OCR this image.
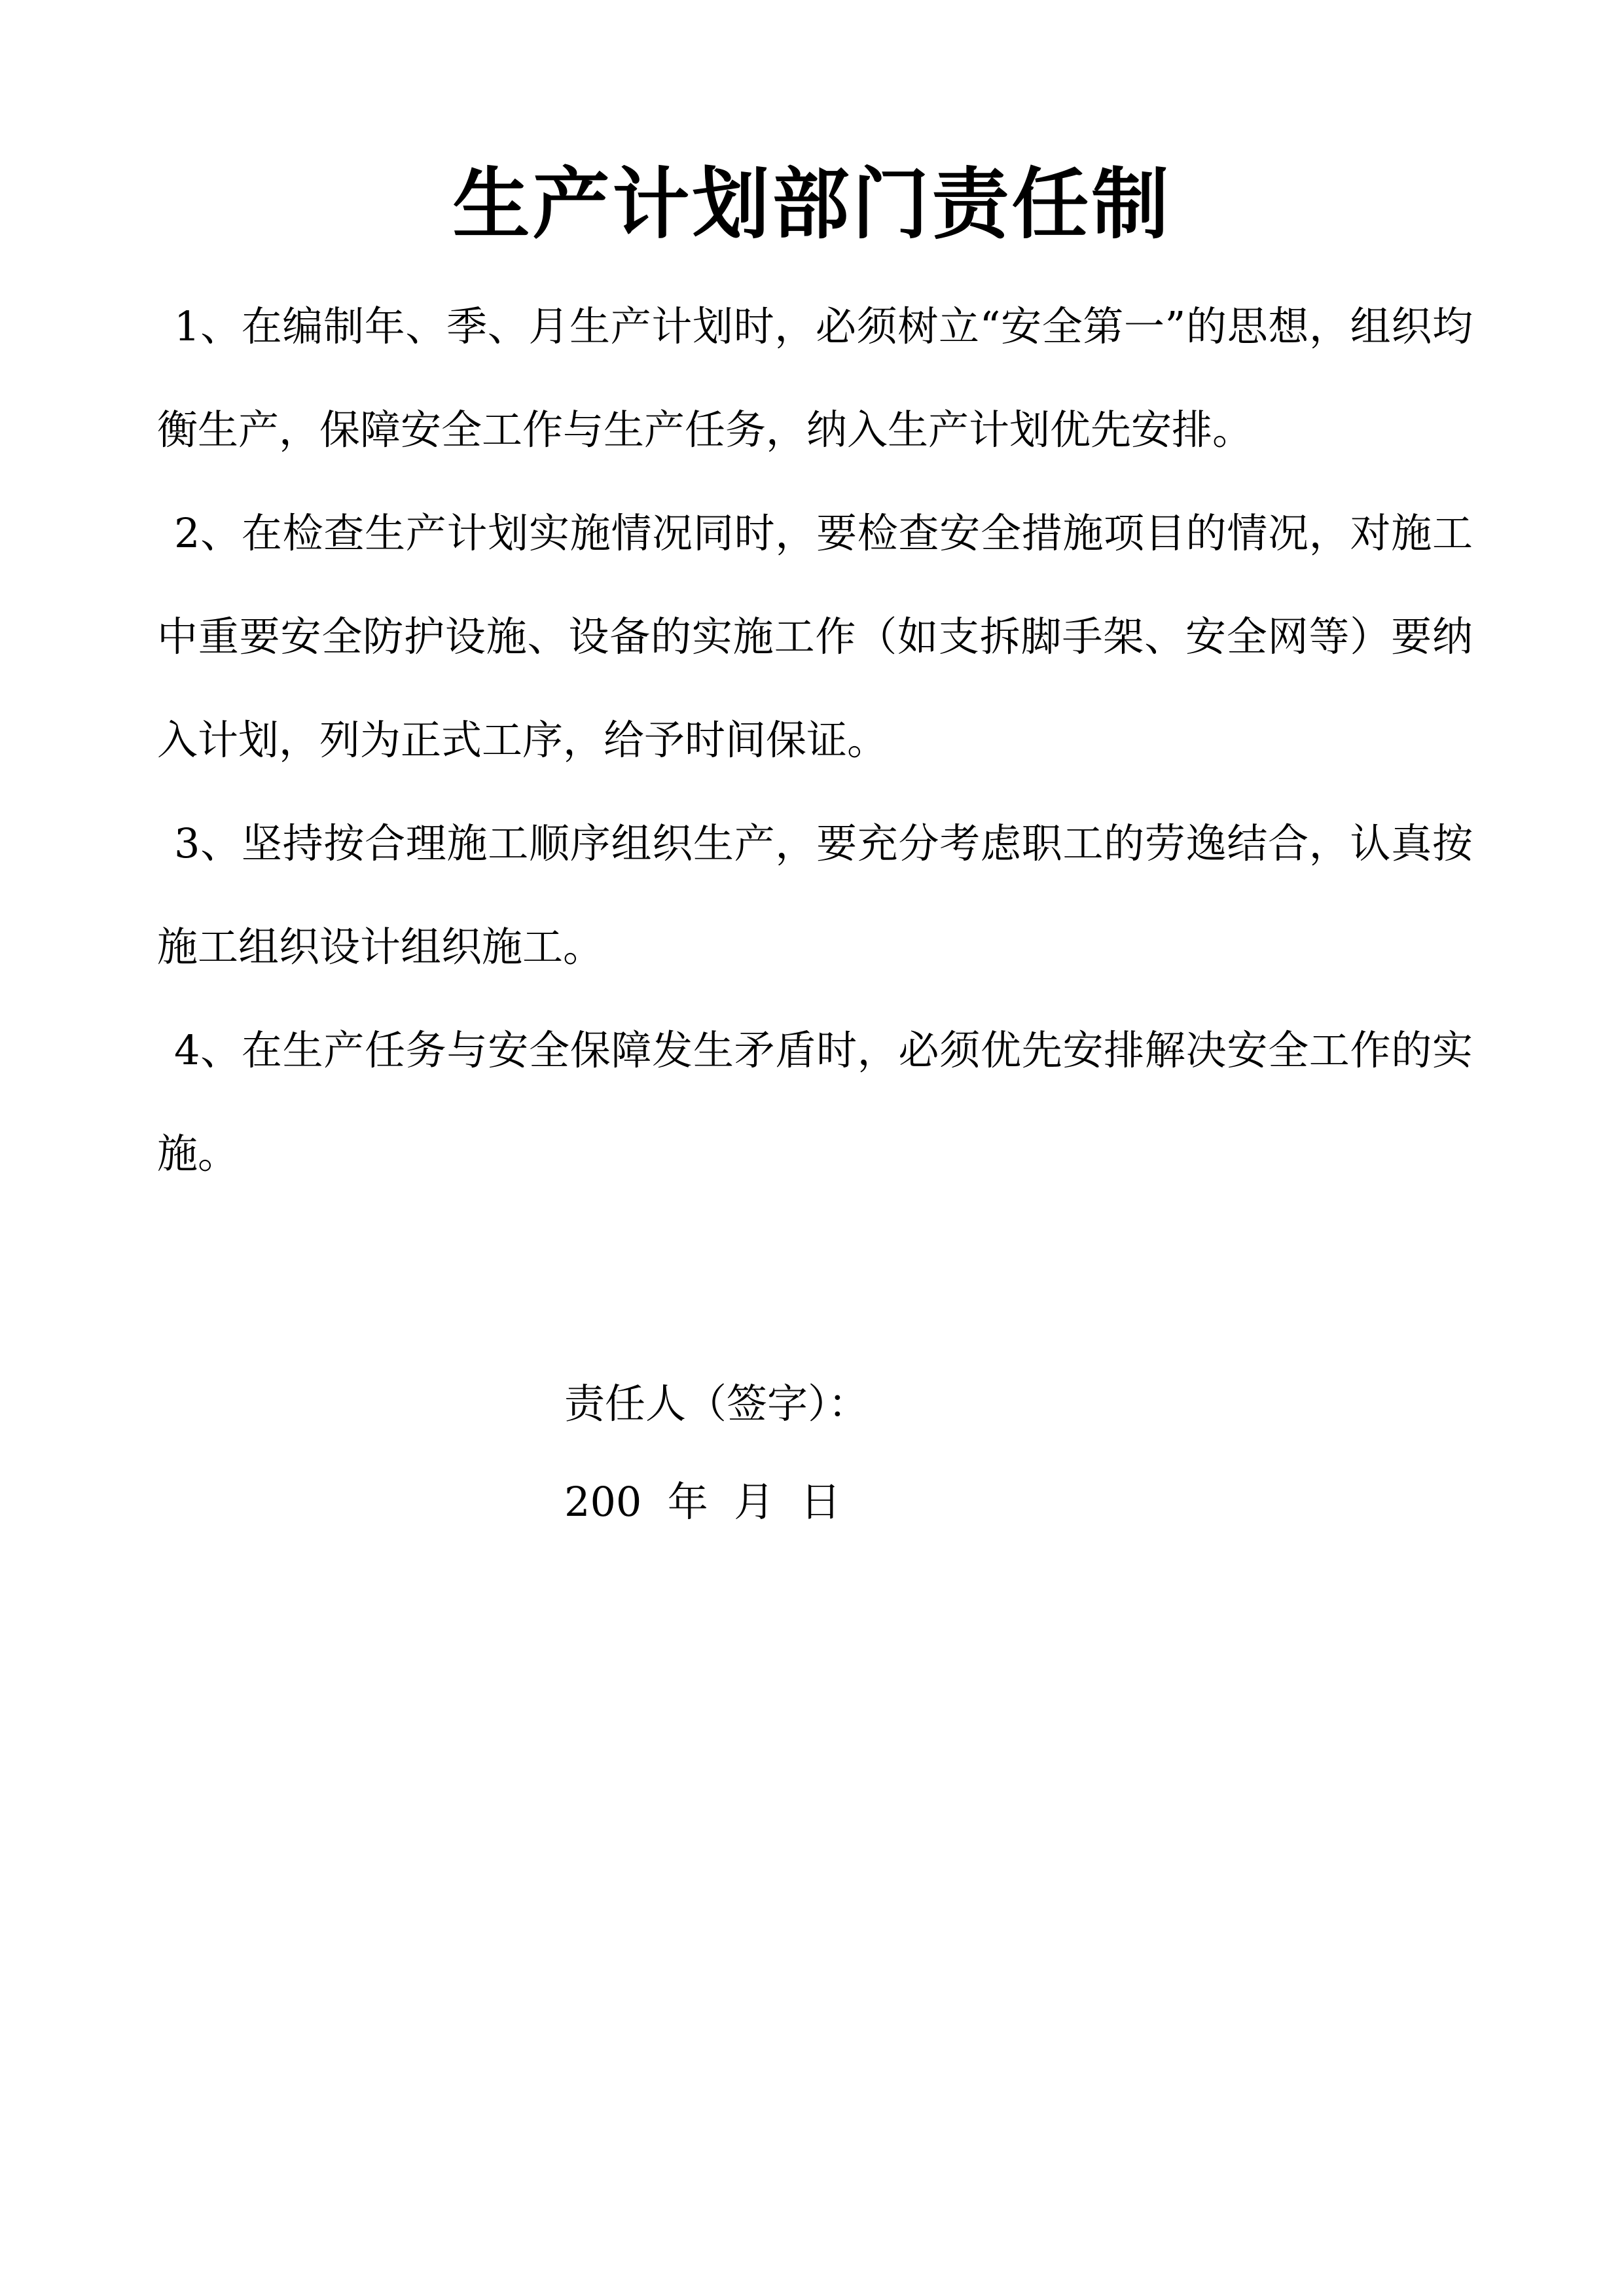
生产计划部门责任制

1、在编制年、季、月生产计划时，必须树立“安全第一”的思想，组织均衡生产，保障安全工作与生产任务，纳入生产计划优先安排。

2、在检查生产计划实施情况同时，要检查安全措施项目的情况，对施工中重要安全防护设施、设备的实施工作（如支拆脚手架、安全网等）要纳入计划，列为正式工序，给予时间保证。

3、坚持按合理施工顺序组织生产，要充分考虑职工的劳逸结合，认真按施工组织设计组织施工。

4、在生产任务与安全保障发生矛盾时，必须优先安排解决安全工作的实施。

责任人（签字）：

200  年  月  日
